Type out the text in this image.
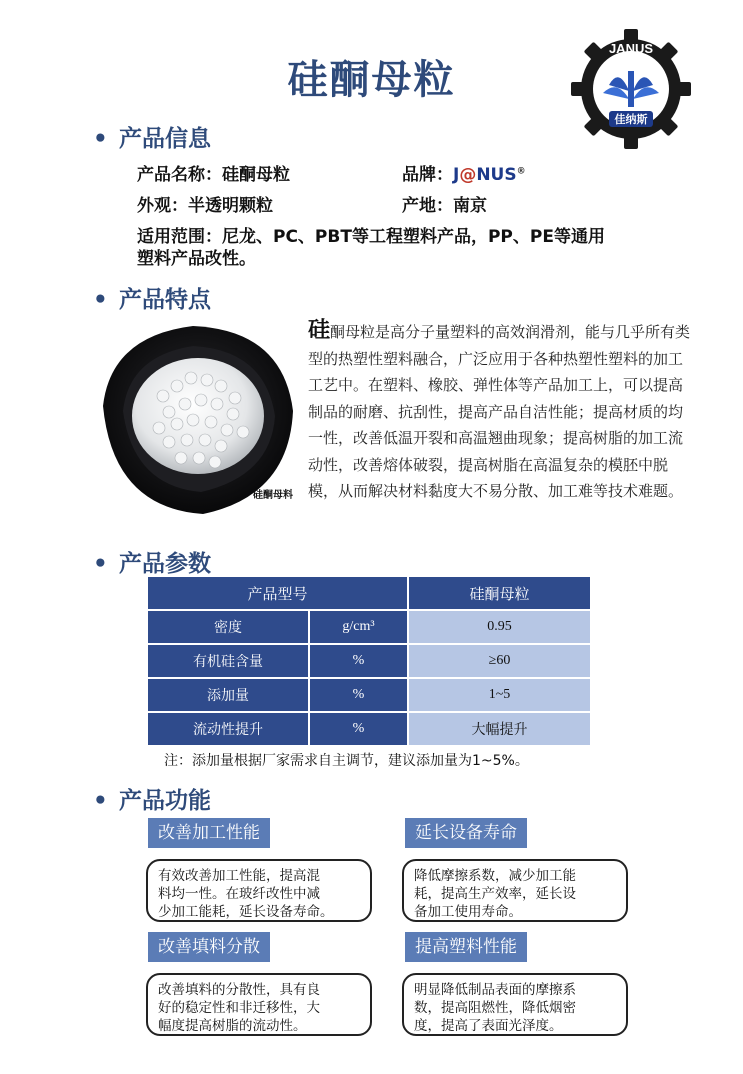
硅酮母粒
JANUS
佳纳斯
• 产品信息
产品名称：硅酮母粒	品牌：J@NUS®
外观：半透明颗粒	产地：南京
适用范围：尼龙、PC、PBT等工程塑料产品，PP、PE等通用
塑料产品改性。
• 产品特点
硅酮母料
硅酮母粒是高分子量塑料的高效润滑剂，能与几乎所有类型的热塑性塑料融合，广泛应用于各种热塑性塑料的加工工艺中。在塑料、橡胶、弹性体等产品加工上，可以提高制品的耐磨、抗刮性，提高产品自洁性能；提高材质的均一性，改善低温开裂和高温翘曲现象；提高树脂的加工流动性，改善熔体破裂，提高树脂在高温复杂的模胚中脱模，从而解决材料黏度大不易分散、加工难等技术难题。
• 产品参数
产品型号		硅酮母粒
密度	g/cm³	0.95
有机硅含量	%	≥60
添加量	%	1~5
流动性提升	%	大幅提升
注：添加量根据厂家需求自主调节，建议添加量为1~5%。
• 产品功能
改善加工性能
有效改善加工性能，提高混
料均一性。在玻纤改性中减
少加工能耗，延长设备寿命。
延长设备寿命
降低摩擦系数，减少加工能
耗，提高生产效率，延长设
备加工使用寿命。
改善填料分散
改善填料的分散性，具有良
好的稳定性和非迁移性，大
幅度提高树脂的流动性。
提高塑料性能
明显降低制品表面的摩擦系
数，提高阻燃性，降低烟密
度，提高了表面光泽度。
